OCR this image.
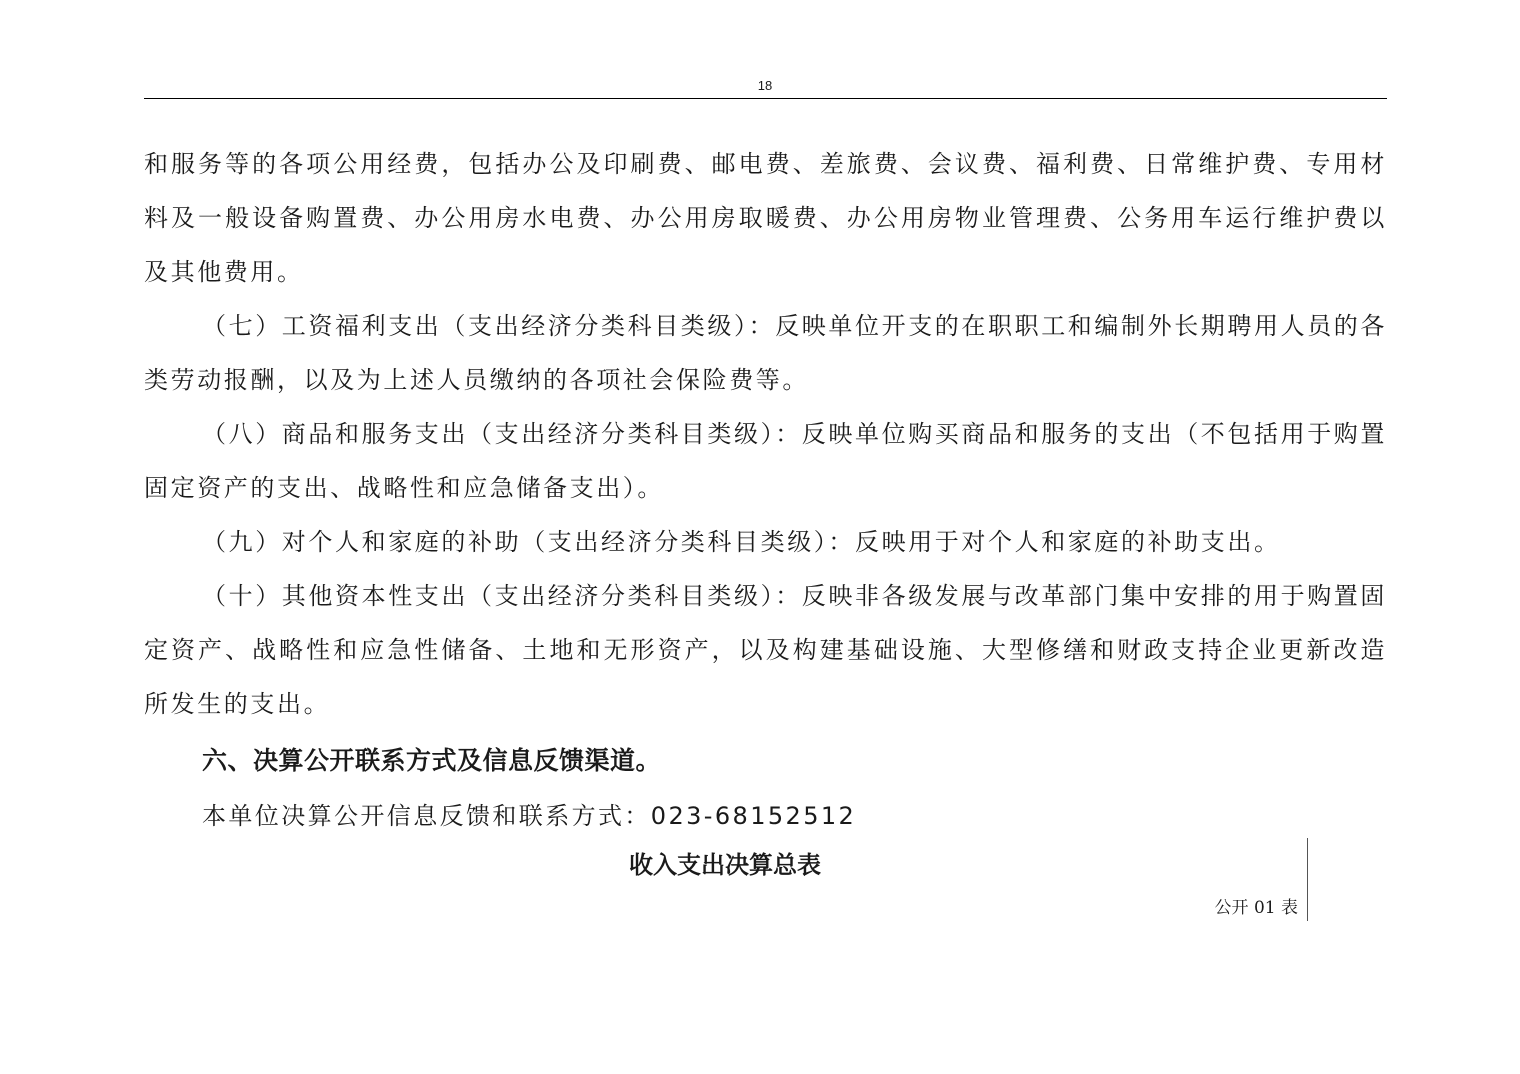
18

和服务等的各项公用经费，包括办公及印刷费、邮电费、差旅费、会议费、福利费、日常维护费、专用材料及一般设备购置费、办公用房水电费、办公用房取暖费、办公用房物业管理费、公务用车运行维护费以及其他费用。

（七）工资福利支出（支出经济分类科目类级）：反映单位开支的在职职工和编制外长期聘用人员的各类劳动报酬，以及为上述人员缴纳的各项社会保险费等。

（八）商品和服务支出（支出经济分类科目类级）：反映单位购买商品和服务的支出（不包括用于购置固定资产的支出、战略性和应急储备支出）。

（九）对个人和家庭的补助（支出经济分类科目类级）：反映用于对个人和家庭的补助支出。

（十）其他资本性支出（支出经济分类科目类级）：反映非各级发展与改革部门集中安排的用于购置固定资产、战略性和应急性储备、土地和无形资产，以及构建基础设施、大型修缮和财政支持企业更新改造所发生的支出。

六、决算公开联系方式及信息反馈渠道。
本单位决算公开信息反馈和联系方式：023-68152512
收入支出决算总表
公开 01 表
